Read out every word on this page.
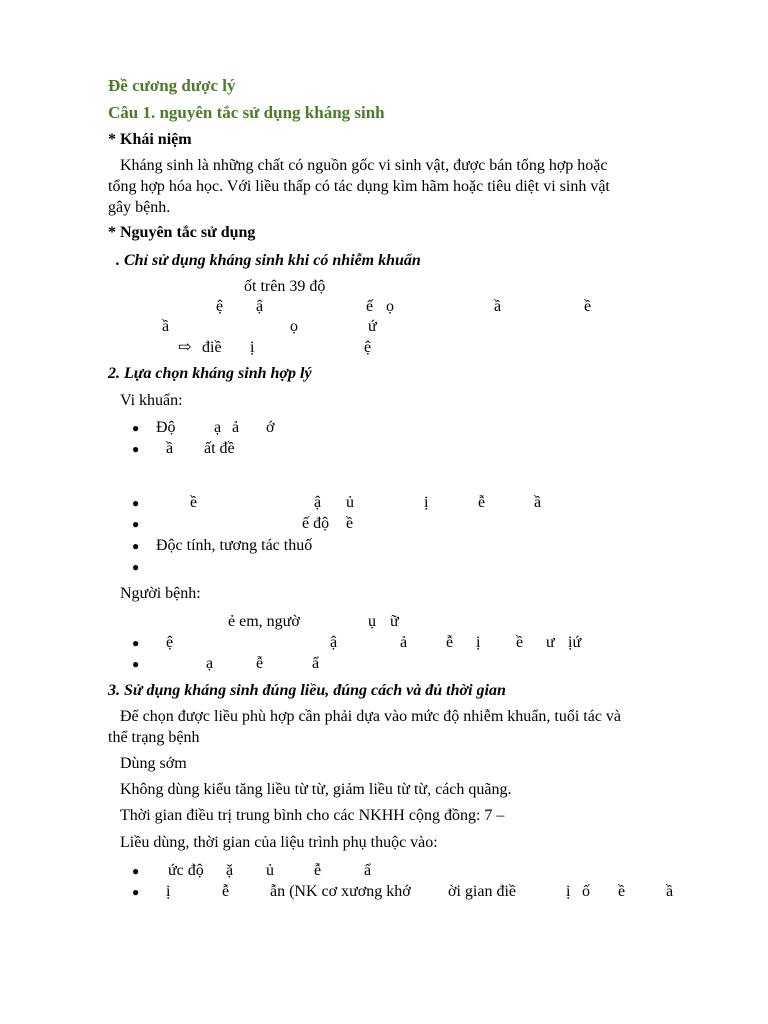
Đề cương dược lý
Câu 1. nguyên tắc sử dụng kháng sinh
* Khái niệm
Kháng sinh là những chất có nguồn gốc vi sinh vật, được bán tổng hợp hoặc
tổng hợp hóa học. Với liều thấp có tác dụng kìm hãm hoặc tiêu diệt vi sinh vật
gây bệnh.
* Nguyên tắc sử dụng
. Chỉ sử dụng kháng sinh khi có nhiễm khuẩn
ốt trên 39 độ
ệ ậ	ế ọ	ầ	ề
ầ	ọ	ứ
⇨ điề ị	ệ
2. Lựa chọn kháng sinh hợp lý
Vi khuẩn:
● Độ ạ ả ớ
● ầ ất đề
●	ề	ậ ủ	ị	ễ	ầ
●	ế độ ề
● Độc tính, tương tác thuố
●
Người bệnh:
ẻ em, ngườ	ụ ữ
● ệ	ậ	ả ễ ị ề ư ịứ
●	ạ	ễ	ẩ
3. Sử dụng kháng sinh đúng liều, đúng cách và đủ thời gian
Để chọn được liều phù hợp cần phải dựa vào mức độ nhiễm khuẩn, tuổi tác và
thể trạng bệnh
Dùng sớm
Không dùng kiểu tăng liều từ từ, giảm liều từ từ, cách quãng.
Thời gian điều trị trung bình cho các NKHH cộng đồng: 7 –
Liều dùng, thời gian của liệu trình phụ thuộc vào:
● ức độ ặ ủ	ễ	ẩ
● ị	ễ	ẫn (NK cơ xương khớ ời gian điề	ị ố ề	ầ
